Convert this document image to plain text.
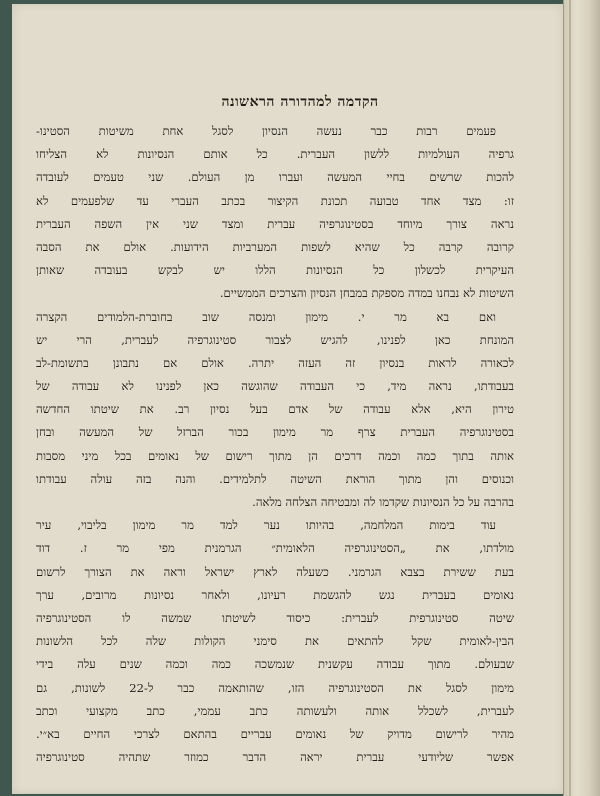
הקדמה למהדורה הראשונה
פעמים רבות כבר נעשה הנסיון לסגל אחת משיטות הסטינו-
גרפיה העולמיות ללשון העברית. כל אותם הנסיונות לא הצליחו
להכות שרשים בחיי המעשה ועברו מן העולם. שני טעמים לעובדה
זו: מצד אחד טבועה תכונת הקיצור בכתב העברי עד שלפעמים לא
נראה צורך מיוחד בסטינוגרפיה עברית ומצד שני אין השפה העברית
קרובה קרבה כל שהיא לשפות המערביות הידועות. אולם את הסבה
העיקרית לכשלון כל הנסיונות הללו יש לבקש בעובדה שאותן
השיטות לא נבחנו במדה מספקת במבחן הנסיון והצרכים הממשיים.
ואם בא מר י. מימון ומנסה שוב בחוברת-הלמודים הקצרה
המונחת כאן לפנינו, להגיש לצבור סטינוגרפיה לעברית, הרי יש
לכאורה לראות בנסיון זה העזה יתרה. אולם אם נתבונן בתשומת-לב
בעבודתו, נראה מיד, כי העבודה שהוגשה כאן לפנינו לא עבודה של
טירון היא, אלא עבודה של אדם בעל נסיון רב. את שיטתו החדשה
בסטינוגרפיה העברית צרף מר מימון בכור הברזל של המעשה ובחן
אותה בתוך כמה וכמה דרכים הן מתוך רישום של נאומים בכל מיני מסבות
וכנוסים והן מתוך הוראת השיטה לתלמידים. והנה בזה עולה עבודתו
בהרבה על כל הנסיונות שקדמו לה ומבטיחה הצלחה מלאה.
עוד בימות המלחמה, בהיותו נער למד מר מימון בליבוי, עיר
מולדתו, את „הסטינוגרפיה הלאומית״ הגרמנית מפי מר ז. דוד
בעת ששירת בצבא הגרמני. כשעלה לארץ ישראל וראה את הצורך לרשום
נאומים בעברית נגש להגשמת רעיונו, ולאחר נסיונות מרובים, ערך
שיטה סטינוגרפית לעברית: כיסוד לשיטתו שמשה לו הסטינוגרפיה
הבין-לאומית שקל להתאים את סימני הקולות שלה לכל הלשונות
שבעולם. מתוך עבודה עקשנית שנמשכה כמה וכמה שנים עלה בידי
מימון לסגל את הסטינוגרפיה הזו, שהותאמה כבר ל-22 לשונות, גם
לעברית, לשכלל אותה ולעשותה כתב עממי, כתב מקצועי וכתב
מהיר לרישום מדויק של נאומים עבריים בהתאם לצרכי החיים בא״י.
אפשר שליודעי עברית יראה הדבר כמוזר שתהיה סטינוגרפיה
